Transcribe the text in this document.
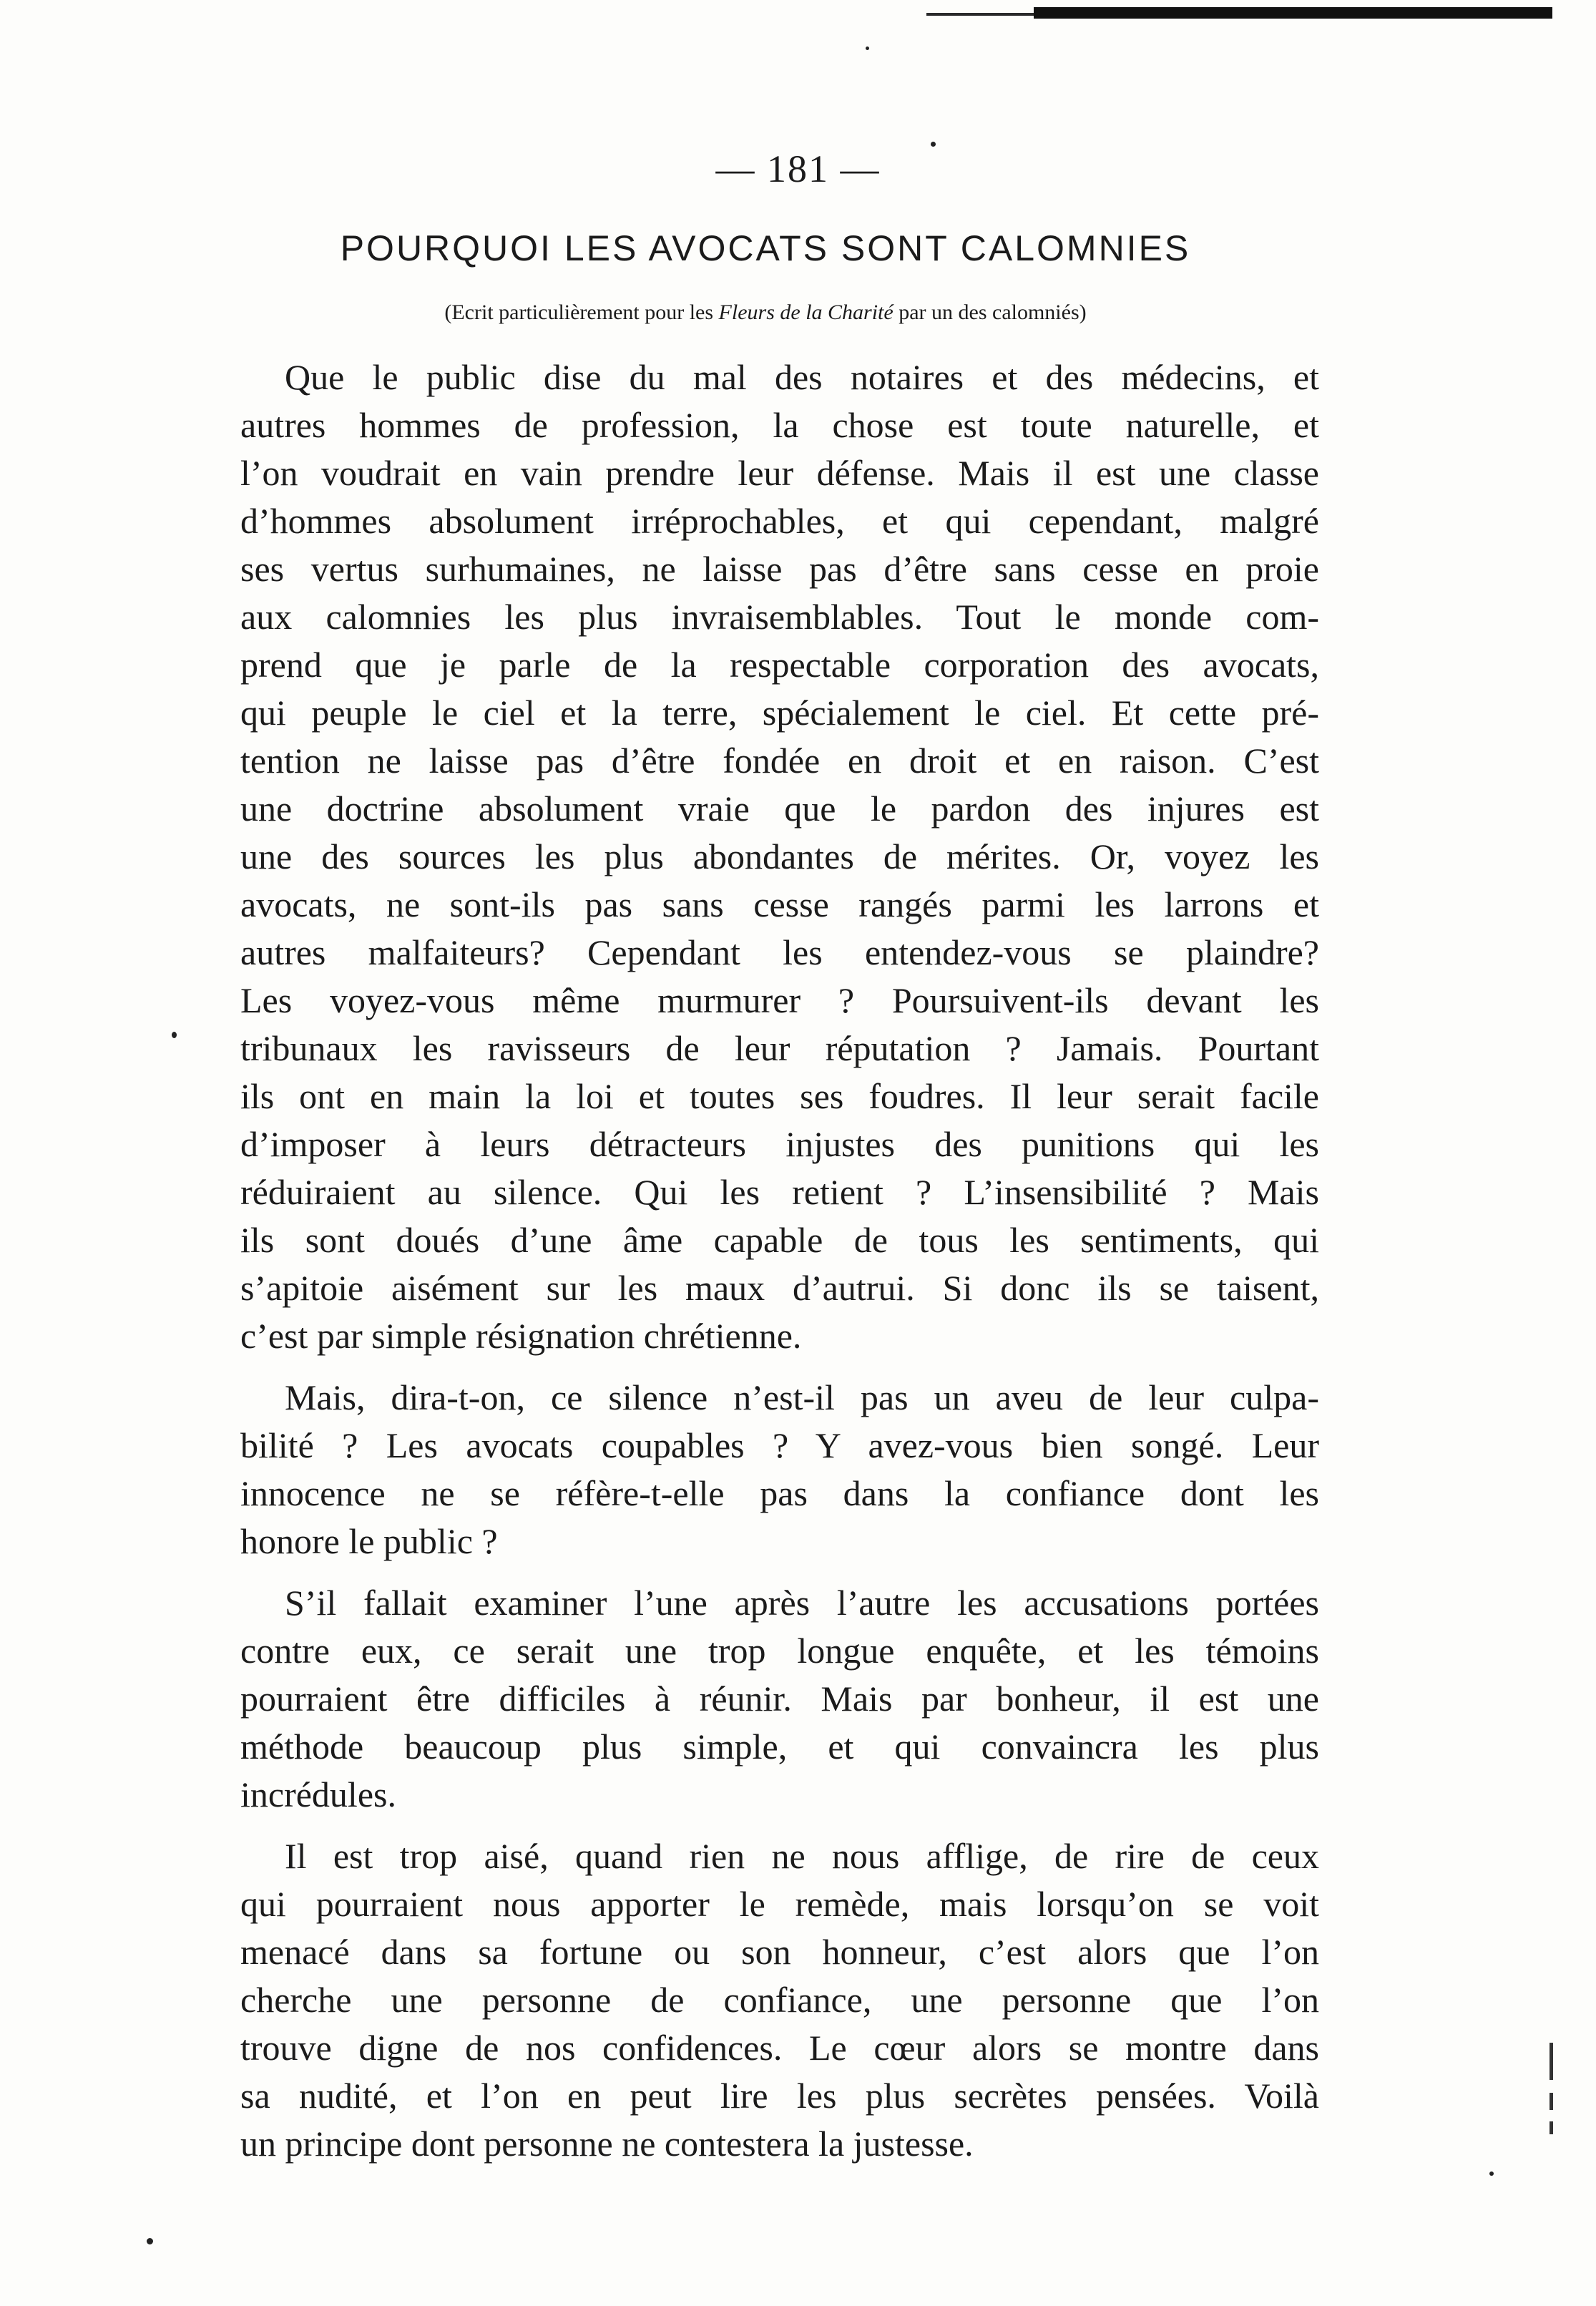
— 181 —
POURQUOI LES AVOCATS SONT CALOMNIES
(Ecrit particulièrement pour les Fleurs de la Charité par un des calomniés)
Que le public dise du mal des notaires et des médecins, et
autres hommes de profession, la chose est toute naturelle, et
l’on voudrait en vain prendre leur défense. Mais il est une classe
d’hommes absolument irréprochables, et qui cependant, malgré
ses vertus surhumaines, ne laisse pas d’être sans cesse en proie
aux calomnies les plus invraisemblables. Tout le monde com-
prend que je parle de la respectable corporation des avocats,
qui peuple le ciel et la terre, spécialement le ciel. Et cette pré-
tention ne laisse pas d’être fondée en droit et en raison. C’est
une doctrine absolument vraie que le pardon des injures est
une des sources les plus abondantes de mérites. Or, voyez les
avocats, ne sont-ils pas sans cesse rangés parmi les larrons et
autres malfaiteurs? Cependant les entendez-vous se plaindre?
Les voyez-vous même murmurer ? Poursuivent-ils devant les
tribunaux les ravisseurs de leur réputation ? Jamais. Pourtant
ils ont en main la loi et toutes ses foudres. Il leur serait facile
d’imposer à leurs détracteurs injustes des punitions qui les
réduiraient au silence. Qui les retient ? L’insensibilité ? Mais
ils sont doués d’une âme capable de tous les sentiments, qui
s’apitoie aisément sur les maux d’autrui. Si donc ils se taisent,
c’est par simple résignation chrétienne.
Mais, dira-t-on, ce silence n’est-il pas un aveu de leur culpa-
bilité ? Les avocats coupables ? Y avez-vous bien songé. Leur
innocence ne se réfère-t-elle pas dans la confiance dont les
honore le public ?
S’il fallait examiner l’une après l’autre les accusations portées
contre eux, ce serait une trop longue enquête, et les témoins
pourraient être difficiles à réunir. Mais par bonheur, il est une
méthode beaucoup plus simple, et qui convaincra les plus
incrédules.
Il est trop aisé, quand rien ne nous afflige, de rire de ceux
qui pourraient nous apporter le remède, mais lorsqu’on se voit
menacé dans sa fortune ou son honneur, c’est alors que l’on
cherche une personne de confiance, une personne que l’on
trouve digne de nos confidences. Le cœur alors se montre dans
sa nudité, et l’on en peut lire les plus secrètes pensées. Voilà
un principe dont personne ne contestera la justesse.
